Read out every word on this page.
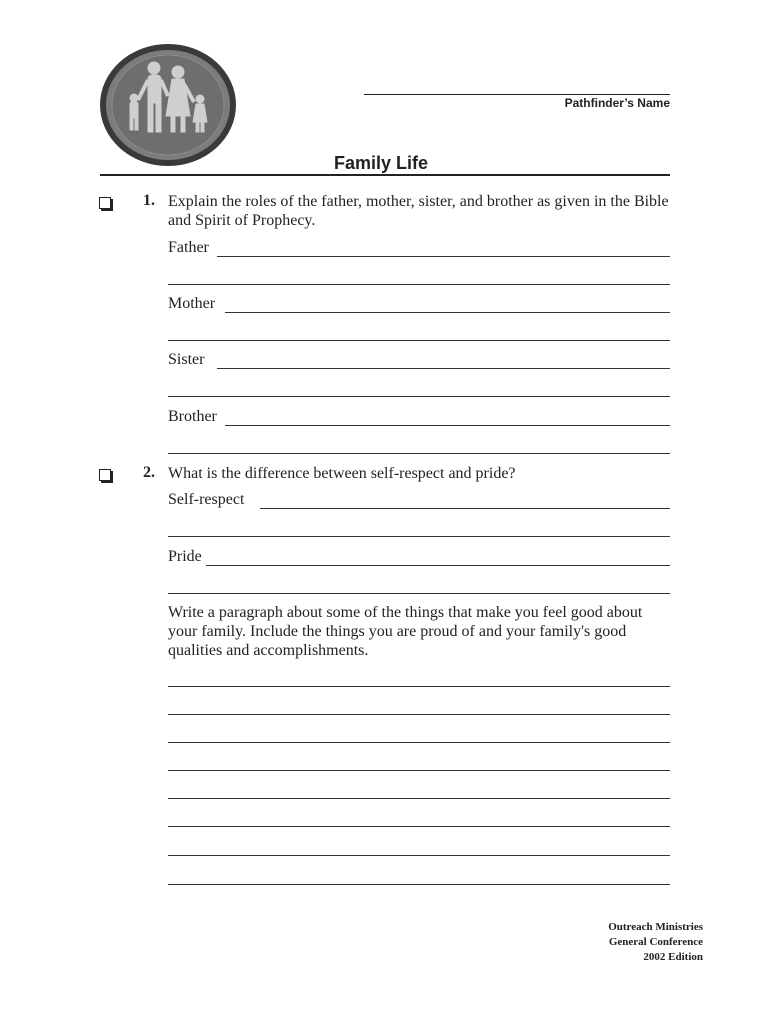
Pathfinder’s Name
Family Life
1. Explain the roles of the father, mother, sister, and brother as given in the Bible and Spirit of Prophecy.
Father
Mother
Sister
Brother
2. What is the difference between self-respect and pride?
Self-respect
Pride
Write a paragraph about some of the things that make you feel good about your family. Include the things you are proud of and your family's good qualities and accomplishments.
Outreach Ministries
General Conference
2002 Edition
